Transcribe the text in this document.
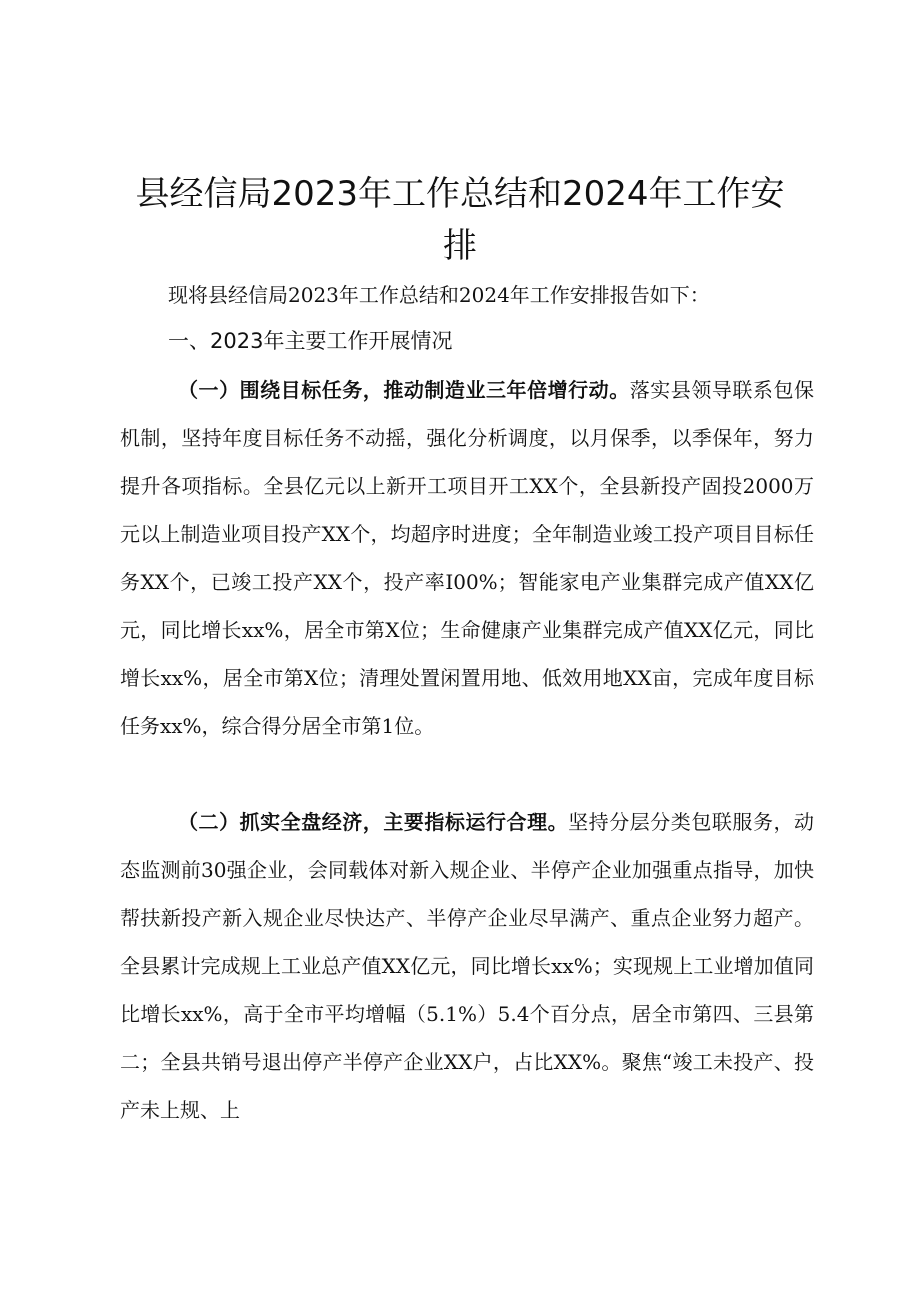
县经信局2023年工作总结和2024年工作安
排

现将县经信局2023年工作总结和2024年工作安排报告如下：

一、2023年主要工作开展情况

（一）围绕目标任务，推动制造业三年倍增行动。落实县领导联系包保机制，坚持年度目标任务不动摇，强化分析调度，以月保季，以季保年，努力提升各项指标。全县亿元以上新开工项目开工XX个，全县新投产固投2000万元以上制造业项目投产XX个，均超序时进度；全年制造业竣工投产项目目标任务XX个，已竣工投产XX个，投产率I00%；智能家电产业集群完成产值XX亿元，同比增长xx%，居全市第X位；生命健康产业集群完成产值XX亿元，同比增长xx%，居全市第X位；清理处置闲置用地、低效用地XX亩，完成年度目标任务xx%，综合得分居全市第1位。

（二）抓实全盘经济，主要指标运行合理。坚持分层分类包联服务，动态监测前30强企业，会同载体对新入规企业、半停产企业加强重点指导，加快帮扶新投产新入规企业尽快达产、半停产企业尽早满产、重点企业努力超产。全县累计完成规上工业总产值XX亿元，同比增长xx%；实现规上工业增加值同比增长xx%，高于全市平均增幅（5.1%）5.4个百分点，居全市第四、三县第二；全县共销号退出停产半停产企业XX户，占比XX%。聚焦“竣工未投产、投产未上规、上
